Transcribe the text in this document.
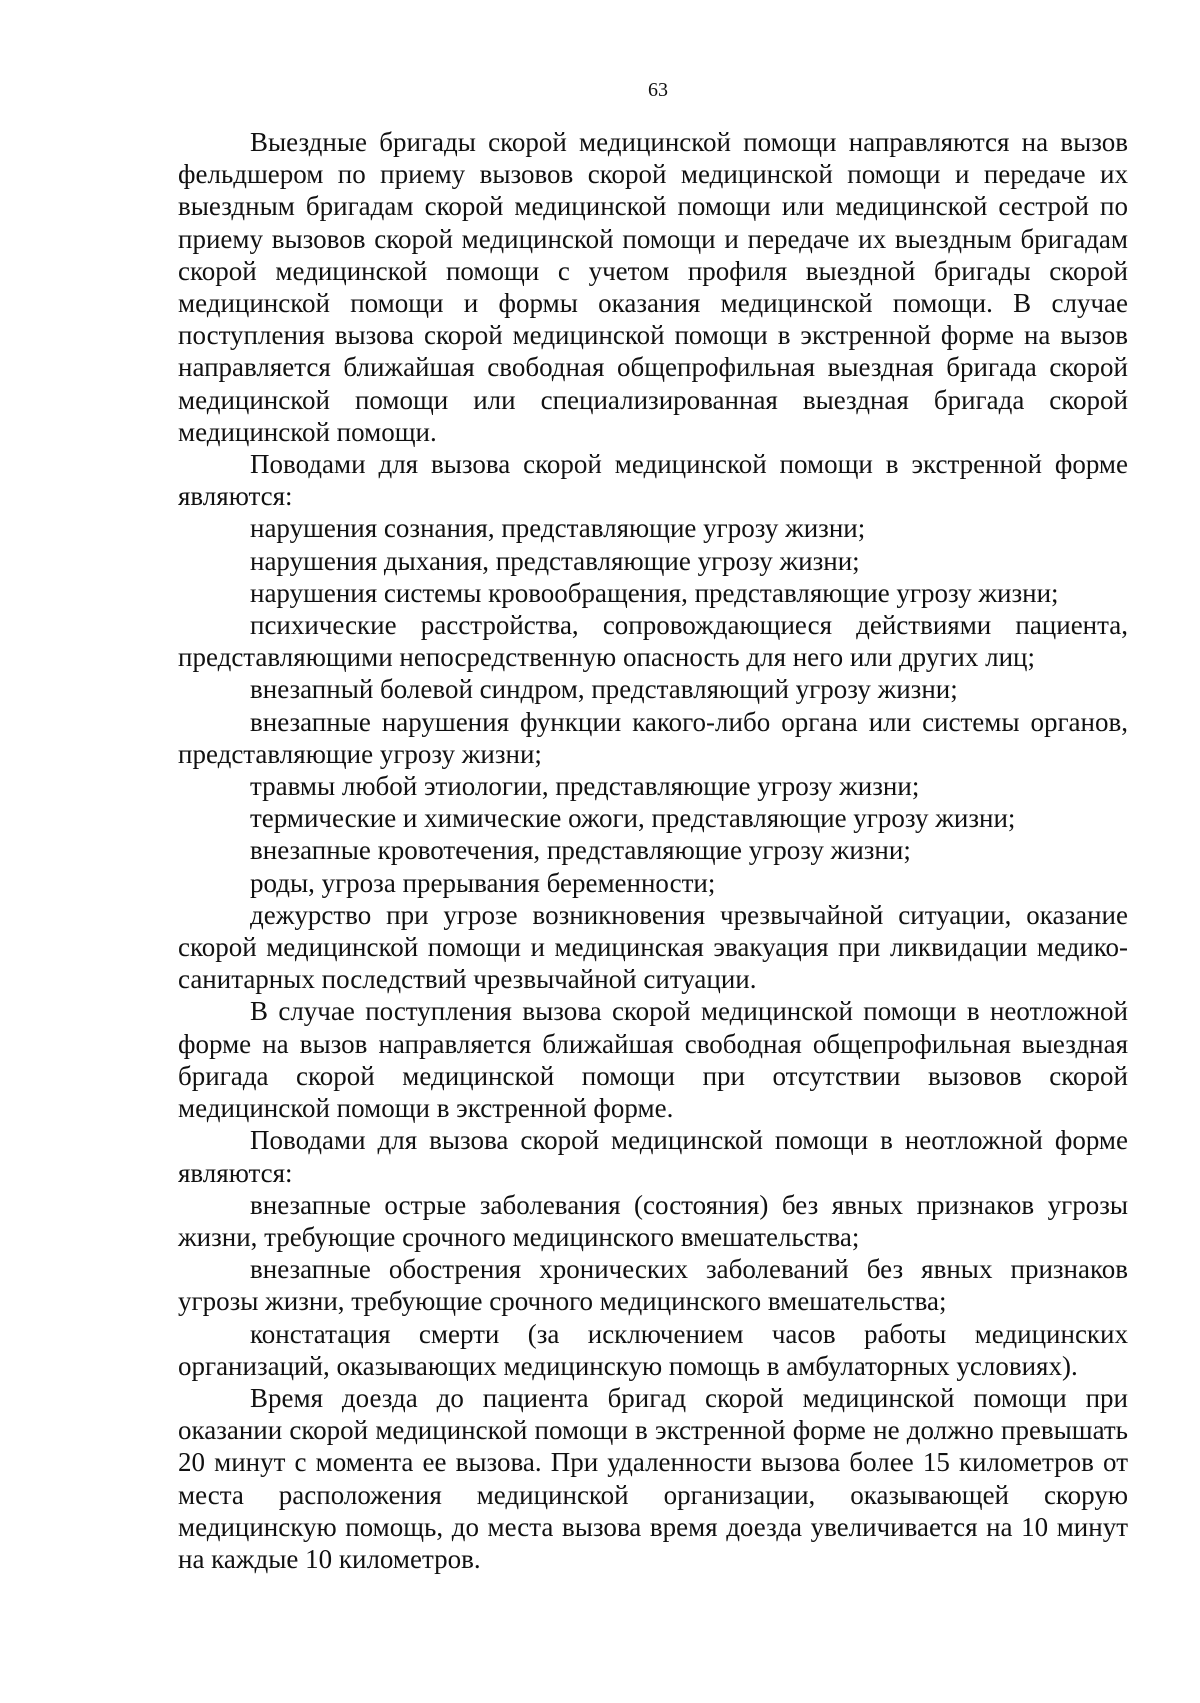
63

Выездные бригады скорой медицинской помощи направляются на вызов фельдшером по приему вызовов скорой медицинской помощи и передаче их выездным бригадам скорой медицинской помощи или медицинской сестрой по приему вызовов скорой медицинской помощи и передаче их выездным бригадам скорой медицинской помощи с учетом профиля выездной бригады скорой медицинской помощи и формы оказания медицинской помощи. В случае поступления вызова скорой медицинской помощи в экстренной форме на вызов направляется ближайшая свободная общепрофильная выездная бригада скорой медицинской помощи или специализированная выездная бригада скорой медицинской помощи.

Поводами для вызова скорой медицинской помощи в экстренной форме являются:

нарушения сознания, представляющие угрозу жизни;

нарушения дыхания, представляющие угрозу жизни;

нарушения системы кровообращения, представляющие угрозу жизни;

психические расстройства, сопровождающиеся действиями пациента, представляющими непосредственную опасность для него или других лиц;

внезапный болевой синдром, представляющий угрозу жизни;

внезапные нарушения функции какого-либо органа или системы органов, представляющие угрозу жизни;

травмы любой этиологии, представляющие угрозу жизни;

термические и химические ожоги, представляющие угрозу жизни;

внезапные кровотечения, представляющие угрозу жизни;

роды, угроза прерывания беременности;

дежурство при угрозе возникновения чрезвычайной ситуации, оказание скорой медицинской помощи и медицинская эвакуация при ликвидации медико-санитарных последствий чрезвычайной ситуации.

В случае поступления вызова скорой медицинской помощи в неотложной форме на вызов направляется ближайшая свободная общепрофильная выездная бригада скорой медицинской помощи при отсутствии вызовов скорой медицинской помощи в экстренной форме.

Поводами для вызова скорой медицинской помощи в неотложной форме являются:

внезапные острые заболевания (состояния) без явных признаков угрозы жизни, требующие срочного медицинского вмешательства;

внезапные обострения хронических заболеваний без явных признаков угрозы жизни, требующие срочного медицинского вмешательства;

констатация смерти (за исключением часов работы медицинских организаций, оказывающих медицинскую помощь в амбулаторных условиях).

Время доезда до пациента бригад скорой медицинской помощи при оказании скорой медицинской помощи в экстренной форме не должно превышать 20 минут с момента ее вызова. При удаленности вызова более 15 километров от места расположения медицинской организации, оказывающей скорую медицинскую помощь, до места вызова время доезда увеличивается на 10 минут на каждые 10 километров.
